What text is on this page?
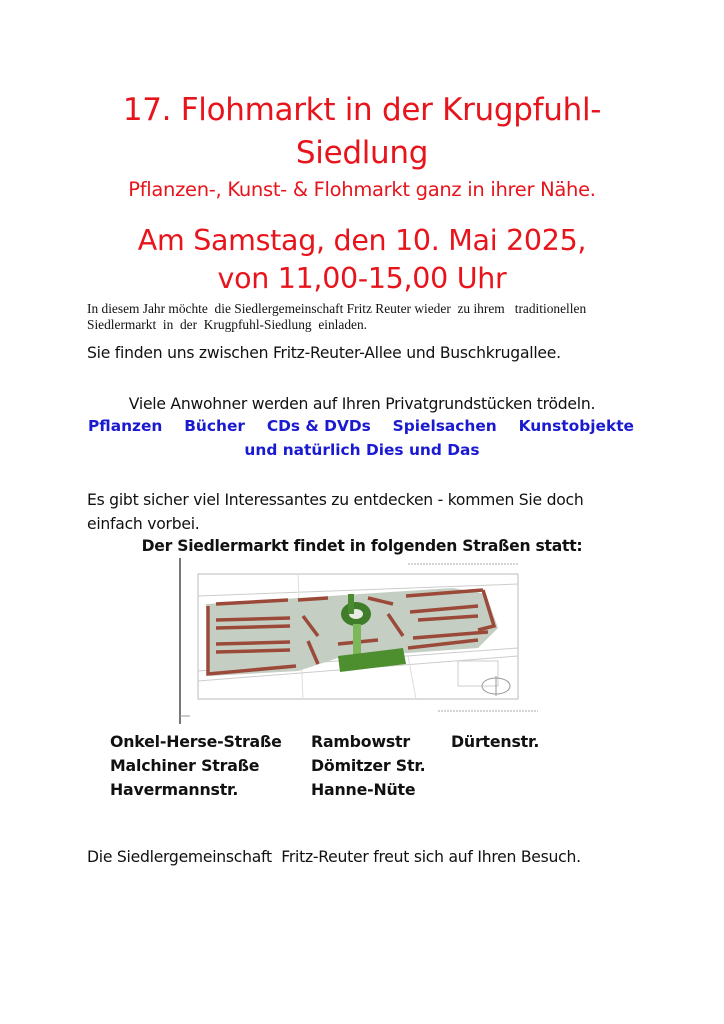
17. Flohmarkt in der Krugpfuhl-
Siedlung
Pflanzen-, Kunst- & Flohmarkt ganz in ihrer Nähe.
Am Samstag, den 10. Mai 2025,
von 11,00-15,00 Uhr
In diesem Jahr möchte  die Siedlergemeinschaft Fritz Reuter wieder  zu ihrem   traditionellen
Siedlermarkt  in  der  Krugpfuhl-Siedlung  einladen.
Sie finden uns zwischen Fritz-Reuter-Allee und Buschkrugallee.
Viele Anwohner werden auf Ihren Privatgrundstücken trödeln.
Pflanzen Bücher CDs & DVDs Spielsachen Kunstobjekte
und natürlich Dies und Das
Es gibt sicher viel Interessantes zu entdecken - kommen Sie doch
einfach vorbei.
Der Siedlermarkt findet in folgenden Straßen statt:
Onkel-Herse-Straße
Malchiner Straße
Havermannstr.
Rambowstr
Dömitzer Str.
Hanne-Nüte
Dürtenstr.
Die Siedlergemeinschaft  Fritz-Reuter freut sich auf Ihren Besuch.
